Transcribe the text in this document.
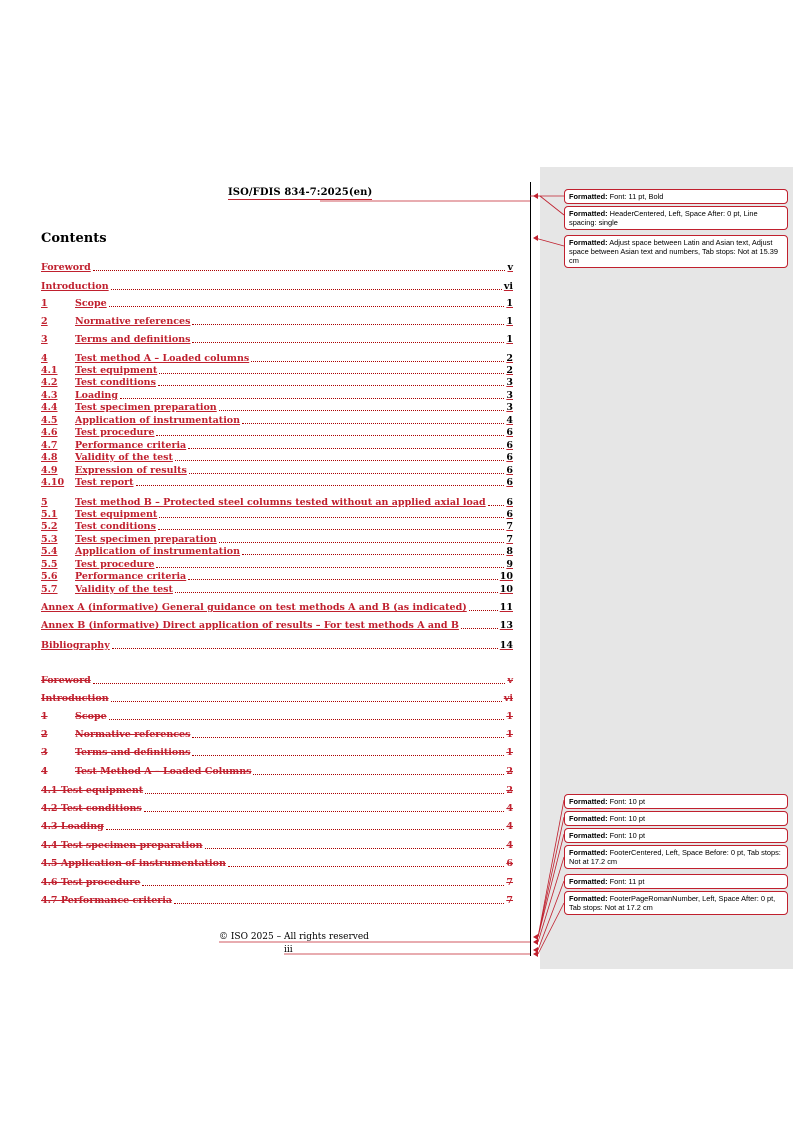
ISO/FDIS 834-7:2025(en)
Contents
Foreword	v
Introduction	vi
1	Scope	1
2	Normative references	1
3	Terms and definitions	1
4	Test method A – Loaded columns	2
4.1	Test equipment	2
4.2	Test conditions	3
4.3	Loading	3
4.4	Test specimen preparation	3
4.5	Application of instrumentation	4
4.6	Test procedure	6
4.7	Performance criteria	6
4.8	Validity of the test	6
4.9	Expression of results	6
4.10	Test report	6
5	Test method B – Protected steel columns tested without an applied axial load 6
5.1	Test equipment	6
5.2	Test conditions	7
5.3	Test specimen preparation	7
5.4	Application of instrumentation	8
5.5	Test procedure	9
5.6	Performance criteria	10
5.7	Validity of the test	10
Annex A (informative) General guidance on test methods A and B (as indicated)	11
Annex B (informative) Direct application of results – For test methods A and B	13
Bibliography	14
Foreword	v
Introduction	vi
1	Scope	1
2	Normative references	1
3	Terms and definitions	1
4	Test Method A – Loaded Columns	2
4.1 Test equipment	2
4.2 Test conditions	4
4.3 Loading	4
4.4 Test specimen preparation	4
4.5 Application of instrumentation	6
4.6 Test procedure	7
4.7 Performance criteria	7
© ISO 2025 – All rights reserved
iii
Formatted: Font: 11 pt, Bold
Formatted: HeaderCentered, Left, Space After: 0 pt, Line spacing: single
Formatted: Adjust space between Latin and Asian text, Adjust space between Asian text and numbers, Tab stops: Not at 15.39 cm
Formatted: Font: 10 pt
Formatted: Font: 10 pt
Formatted: Font: 10 pt
Formatted: FooterCentered, Left, Space Before: 0 pt, Tab stops: Not at 17.2 cm
Formatted: Font: 11 pt
Formatted: FooterPageRomanNumber, Left, Space After: 0 pt, Tab stops: Not at 17.2 cm
